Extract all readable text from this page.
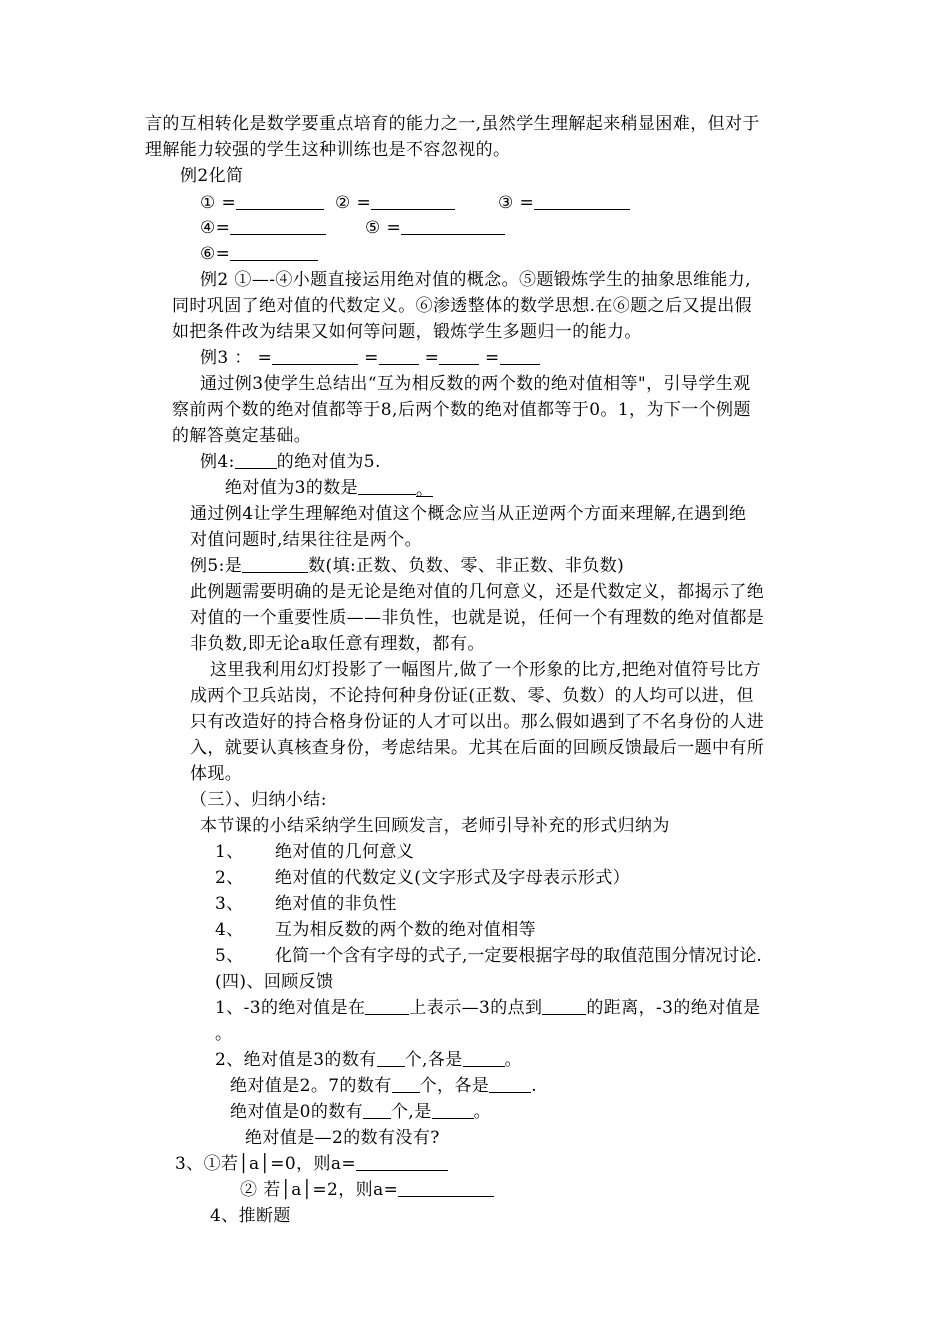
言的互相转化是数学要重点培育的能力之一,虽然学生理解起来稍显困难，但对于
理解能力较强的学生这种训练也是不容忽视的。
例2化简
① =	② =	③ =
④=	⑤ =
⑥=
例2 ①—-④小题直接运用绝对值的概念。⑤题锻炼学生的抽象思维能力,
同时巩固了绝对值的代数定义。⑥渗透整体的数学思想.在⑥题之后又提出假
如把条件改为结果又如何等问题，锻炼学生多题归一的能力。
例3 ： =	=	=	=
通过例3使学生总结出“互为相反数的两个数的绝对值相等"，引导学生观
察前两个数的绝对值都等于8,后两个数的绝对值都等于0。1，为下一个例题
的解答奠定基础。
例4: 的绝对值为5.
绝对值为3的数是	。
通过例4让学生理解绝对值这个概念应当从正逆两个方面来理解,在遇到绝
对值问题时,结果往往是两个。
例5:是	数(填:正数、负数、零、非正数、非负数)
此例题需要明确的是无论是绝对值的几何意义，还是代数定义，都揭示了绝
对值的一个重要性质——非负性，也就是说，任何一个有理数的绝对值都是
非负数,即无论a取任意有理数，都有。
这里我利用幻灯投影了一幅图片,做了一个形象的比方,把绝对值符号比方
成两个卫兵站岗，不论持何种身份证(正数、零、负数）的人均可以进，但
只有改造好的持合格身份证的人才可以出。那么假如遇到了不名身份的人进
入，就要认真核查身份，考虑结果。尤其在后面的回顾反馈最后一题中有所
体现。
（三）、归纳小结:
本节课的小结采纳学生回顾发言，老师引导补充的形式归纳为
1、 绝对值的几何意义
2、 绝对值的代数定义(文字形式及字母表示形式）
3、 绝对值的非负性
4、 互为相反数的两个数的绝对值相等
5、 化简一个含有字母的式子,一定要根据字母的取值范围分情况讨论.
(四)、回顾反馈
1、-3的绝对值是在	上表示—3的点到	的距离，-3的绝对值是
。
2、绝对值是3的数有 个,各是 。
绝对值是2。7的数有 个，各是 .
绝对值是0的数有 个,是 。
绝对值是—2的数有没有?
3、①若│a│=0，则a=
② 若│a│=2，则a=
4、推断题
